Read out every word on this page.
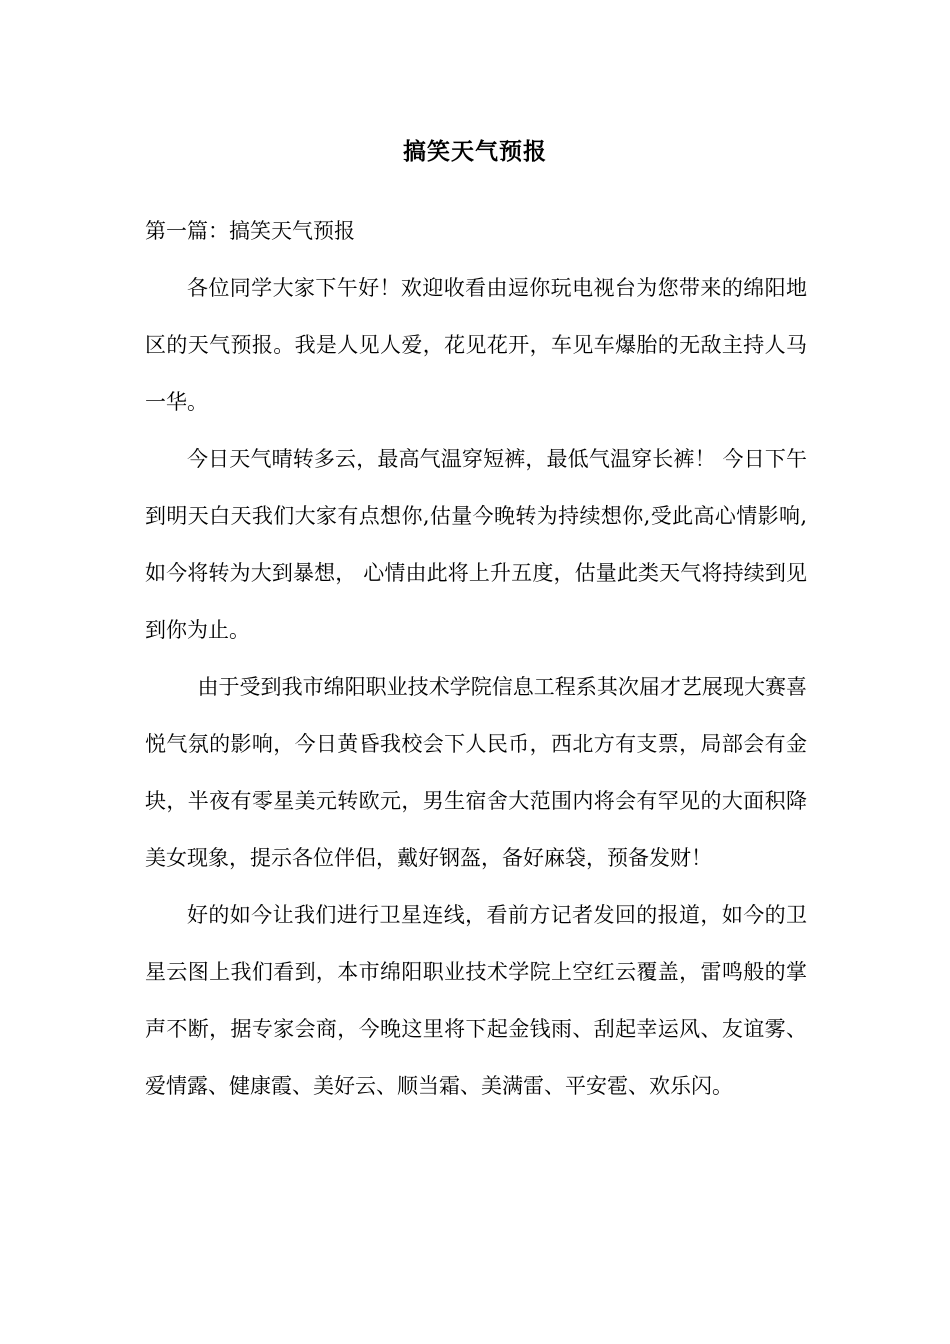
搞笑天气预报

第一篇：搞笑天气预报

各位同学大家下午好！欢迎收看由逗你玩电视台为您带来的绵阳地区的天气预报。我是人见人爱，花见花开，车见车爆胎的无敌主持人马一华。

今日天气晴转多云，最高气温穿短裤，最低气温穿长裤！ 今日下午到明天白天我们大家有点想你,估量今晚转为持续想你,受此高心情影响,如今将转为大到暴想， 心情由此将上升五度，估量此类天气将持续到见到你为止。

由于受到我市绵阳职业技术学院信息工程系其次届才艺展现大赛喜悦气氛的影响，今日黄昏我校会下人民币，西北方有支票，局部会有金块，半夜有零星美元转欧元，男生宿舍大范围内将会有罕见的大面积降美女现象，提示各位伴侣，戴好钢盔，备好麻袋，预备发财！

好的如今让我们进行卫星连线，看前方记者发回的报道，如今的卫星云图上我们看到，本市绵阳职业技术学院上空红云覆盖，雷鸣般的掌声不断，据专家会商，今晚这里将下起金钱雨、刮起幸运风、友谊雾、爱情露、健康霞、美好云、顺当霜、美满雷、平安雹、欢乐闪。
